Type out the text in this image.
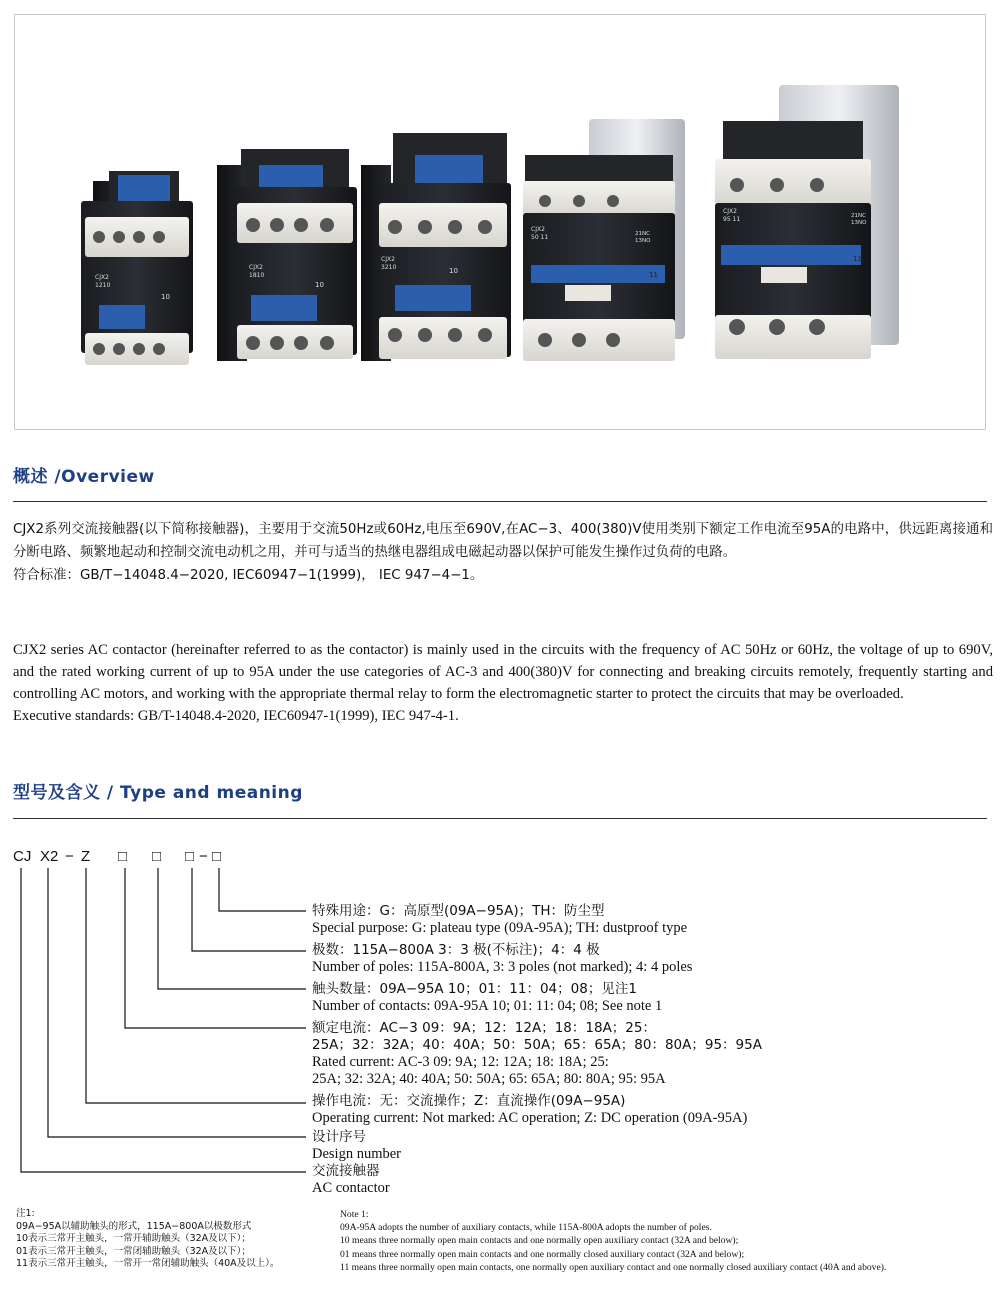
CJX2
1210
10
CJX2
1810
10
CJX2
3210	10
CJX2
50 11	21NC
13NO
11
CJX2
95 11	21NC
13NO
11
概述 /Overview

CJX2系列交流接触器(以下简称接触器)，主要用于交流50Hz或60Hz,电压至690V,在AC−3、400(380)V使用类别下额定工作电流至95A的电路中，供远距离接通和分断电路、频繁地起动和控制交流电动机之用，并可与适当的热继电器组成电磁起动器以保护可能发生操作过负荷的电路。

符合标准：GB/T−14048.4−2020, IEC60947−1(1999)， IEC 947−4−1。

CJX2 series AC contactor (hereinafter referred to as the contactor) is mainly used in the circuits with the frequency of AC 50Hz or 60Hz, the voltage of up to 690V, and the rated working current of up to 95A under the use categories of AC-3 and 400(380)V for connecting and breaking circuits remotely, frequently starting and controlling AC motors, and working with the appropriate thermal relay to form the electromagnetic starter to protect the circuits that may be overloaded.

Executive standards: GB/T-14048.4-2020, IEC60947-1(1999), IEC 947-4-1.

型号及含义 / Type and meaning
CJ X2 − Z □ □ □ − □
特殊用途：G：高原型(09A−95A)；TH：防尘型
Special purpose: G: plateau type (09A-95A); TH: dustproof type
极数：115A−800A 3：3 极(不标注)；4：4 极
Number of poles: 115A-800A, 3: 3 poles (not marked); 4: 4 poles
触头数量：09A−95A 10；01：11：04；08；见注1
Number of contacts: 09A-95A 10; 01: 11: 04; 08; See note 1
额定电流：AC−3 09：9A；12：12A；18：18A；25：
25A；32：32A；40：40A；50：50A；65：65A；80：80A；95：95A
Rated current: AC-3 09: 9A; 12: 12A; 18: 18A; 25:
25A; 32: 32A; 40: 40A; 50: 50A; 65: 65A; 80: 80A; 95: 95A
操作电流：无：交流操作；Z：直流操作(09A−95A)
Operating current: Not marked: AC operation; Z: DC operation (09A-95A)
设计序号
Design number
交流接触器
AC contactor
注1:
09A−95A以辅助触头的形式，115A−800A以极数形式
10表示三常开主触头，一常开辅助触头（32A及以下）；
01表示三常开主触头，一常闭辅助触头（32A及以下）；
11表示三常开主触头，一常开一常闭辅助触头（40A及以上）。
Note 1:
09A-95A adopts the number of auxiliary contacts, while 115A-800A adopts the number of poles.
10 means three normally open main contacts and one normally open auxiliary contact (32A and below);
01 means three normally open main contacts and one normally closed auxiliary contact (32A and below);
11 means three normally open main contacts, one normally open auxiliary contact and one normally closed auxiliary contact (40A and above).
